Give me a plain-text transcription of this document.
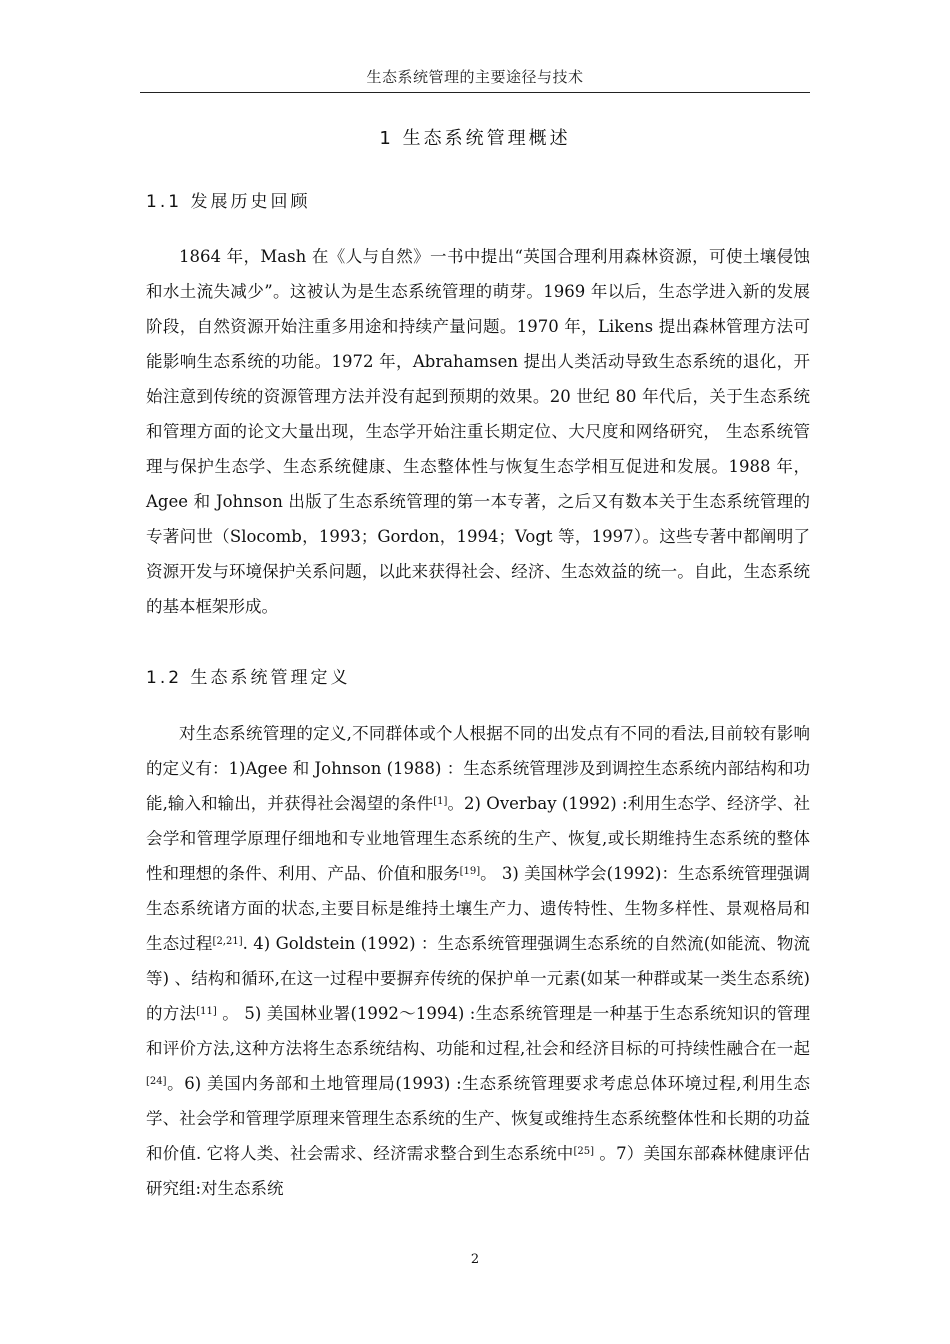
生态系统管理的主要途径与技术
1 生态系统管理概述
1.1 发展历史回顾

1864 年，Mash 在《人与自然》一书中提出“英国合理利用森林资源，可使土壤侵蚀和水土流失减少”。这被认为是生态系统管理的萌芽。1969 年以后，生态学进入新的发展阶段，自然资源开始注重多用途和持续产量问题。1970 年，Likens 提出森林管理方法可能影响生态系统的功能。1972 年，Abrahamsen 提出人类活动导致生态系统的退化，开始注意到传统的资源管理方法并没有起到预期的效果。20 世纪 80 年代后，关于生态系统和管理方面的论文大量出现，生态学开始注重长期定位、大尺度和网络研究， 生态系统管理与保护生态学、生态系统健康、生态整体性与恢复生态学相互促进和发展。1988 年，Agee 和 Johnson 出版了生态系统管理的第一本专著，之后又有数本关于生态系统管理的专著问世（Slocomb，1993；Gordon，1994；Vogt 等，1997）。这些专著中都阐明了资源开发与环境保护关系问题，以此来获得社会、经济、生态效益的统一。自此，生态系统的基本框架形成。

1.2 生态系统管理定义

对生态系统管理的定义,不同群体或个人根据不同的出发点有不同的看法,目前较有影响的定义有：1)Agee 和 Johnson (1988) ：生态系统管理涉及到调控生态系统内部结构和功能,输入和输出，并获得社会渴望的条件[1]。2) Overbay (1992) :利用生态学、经济学、社会学和管理学原理仔细地和专业地管理生态系统的生产、恢复,或长期维持生态系统的整体性和理想的条件、利用、产品、价值和服务[19]。 3) 美国林学会(1992)：生态系统管理强调生态系统诸方面的状态,主要目标是维持土壤生产力、遗传特性、生物多样性、景观格局和生态过程[2,21]. 4) Goldstein (1992) ：生态系统管理强调生态系统的自然流(如能流、物流等) 、结构和循环,在这一过程中要摒弃传统的保护单一元素(如某一种群或某一类生态系统) 的方法[11] 。 5) 美国林业署(1992～1994) :生态系统管理是一种基于生态系统知识的管理和评价方法,这种方法将生态系统结构、功能和过程,社会和经济目标的可持续性融合在一起[24]。6) 美国内务部和土地管理局(1993) :生态系统管理要求考虑总体环境过程,利用生态学、社会学和管理学原理来管理生态系统的生产、恢复或维持生态系统整体性和长期的功益和价值. 它将人类、社会需求、经济需求整合到生态系统中[25] 。7）美国东部森林健康评估研究组:对生态系统

2
